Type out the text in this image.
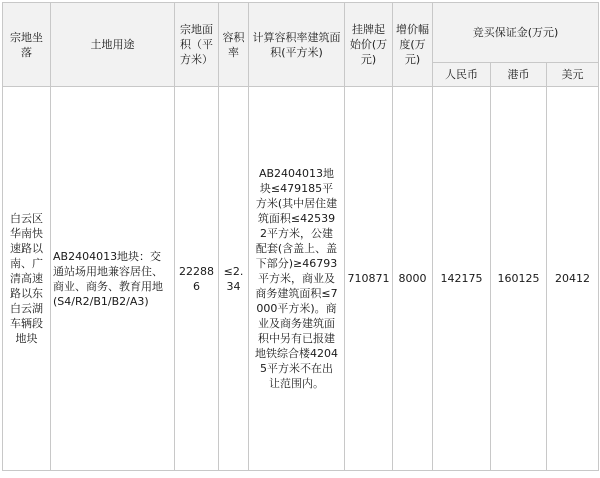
宗地坐落	土地用途	宗地面积（平方米）	容积率	计算容积率建筑面积(平方米)	挂牌起始价(万元)	增价幅度(万元)	竞买保证金(万元)		
							人民币	港币	美元
白云区华南快速路以南、广清高速路以东白云湖车辆段地块	AB2404013地块：交通站场用地兼容居住、商业、商务、教育用地(S4/R2/B1/B2/A3)	222886	≤2.34	AB2404013地块≤479185平方米(其中居住建筑面积≤425392平方米，公建配套(含盖上、盖下部分)≥46793平方米，商业及商务建筑面积≤7000平方米)。商业及商务建筑面积中另有已报建地铁综合楼42045平方米不在出让范围内。	710871	8000	142175	160125	20412
